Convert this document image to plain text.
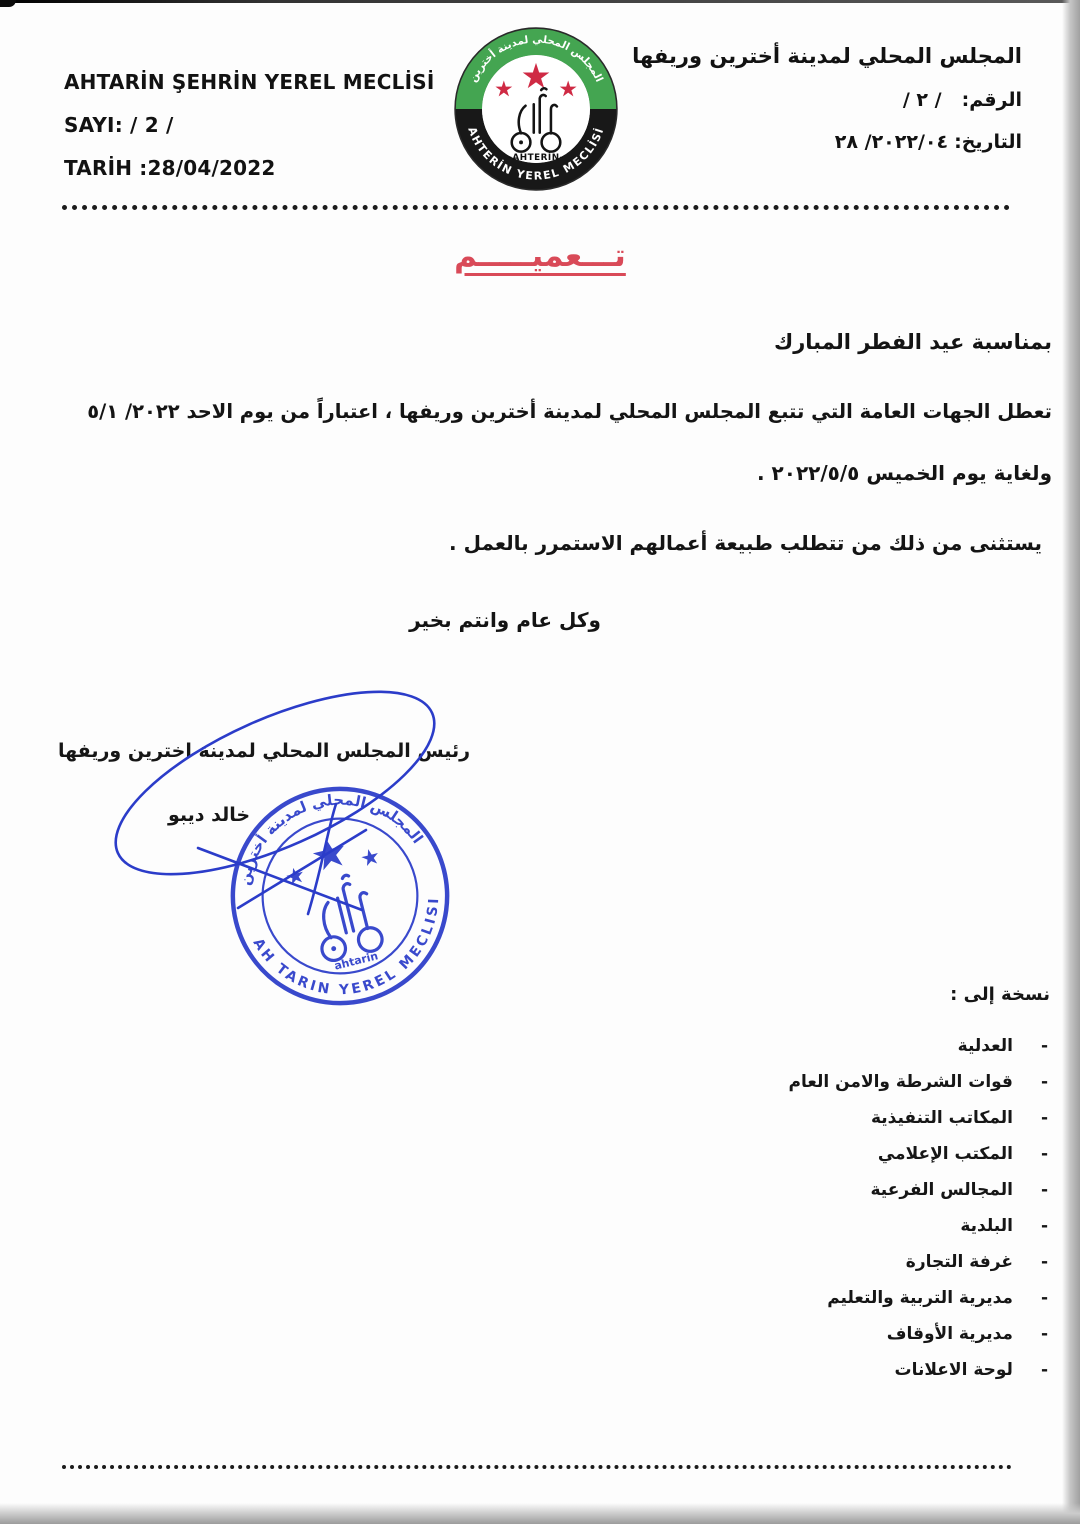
AHTARİN ŞEHRİN YEREL MECLİSİ
SAYI: / 2 /
TARİH :28/04/2022
المجلس المحلي لمدينة أخترين وريفها
الرقم:/ ٢ /
التاريخ:٢٠٢٢/٠٤/ ٢٨
المجلس المحلي لمدينة أخترين
AHTERİN YEREL MECLİSİ
-AHTERİN-
تـــعميـــــم
بمناسبة عيد الفطر المبارك
تعطل الجهات العامة التي تتبع المجلس المحلي لمدينة أخترين وريفها ، اعتباراً من يوم الاحد ٢٠٢٢/ ٥/١
ولغاية يوم الخميس ٢٠٢٢/٥/٥ .
يستثنى من ذلك من تتطلب طبيعة أعمالهم الاستمرر بالعمل .
وكل عام وانتم بخير
رئيس المجلس المحلي لمدينة اخترين وريفها
خالد ديبو
المجلس المحلي لمدينة أخترين
AH TARIN YEREL MECLISI
ahtarin
نسخة إلى :
-
العدلية
-
قوات الشرطة والامن العام
-
المكاتب التنفيذية
-
المكتب الإعلامي
-
المجالس الفرعية
-
البلدية
-
غرفة التجارة
-
مديرية التربية والتعليم
-
مديرية الأوقاف
-
لوحة الاعلانات
